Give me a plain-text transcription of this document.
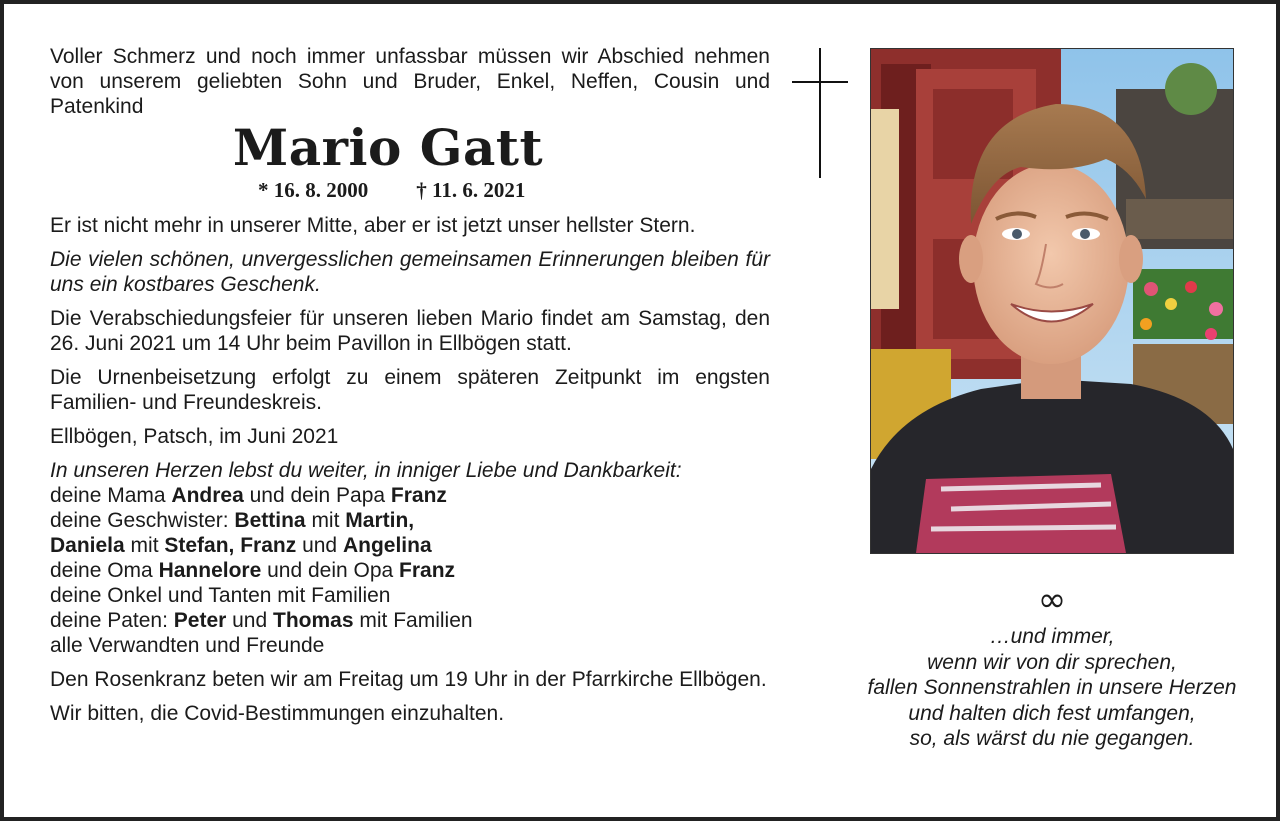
Voller Schmerz und noch immer unfassbar müssen wir Abschied nehmen von unserem geliebten Sohn und Bruder, Enkel, Neffen, Cousin und Patenkind

Mario Gatt
* 16. 8. 2000 † 11. 6. 2021

Er ist nicht mehr in unserer Mitte, aber er ist jetzt unser hellster Stern.

Die vielen schönen, unvergesslichen gemeinsamen Erinnerungen bleiben für uns ein kostbares Geschenk.

Die Verabschiedungsfeier für unseren lieben Mario findet am Samstag, den 26. Juni 2021 um 14 Uhr beim Pavillon in Ellbögen statt.

Die Urnenbeisetzung erfolgt zu einem späteren Zeitpunkt im engsten Familien- und Freundeskreis.

Ellbögen, Patsch, im Juni 2021

In unseren Herzen lebst du weiter, in inniger Liebe und Dankbarkeit:

deine Mama Andrea und dein Papa Franz
deine Geschwister: Bettina mit Martin,
Daniela mit Stefan, Franz und Angelina
deine Oma Hannelore und dein Opa Franz
deine Onkel und Tanten mit Familien
deine Paten: Peter und Thomas mit Familien
alle Verwandten und Freunde

Den Rosenkranz beten wir am Freitag um 19 Uhr in der Pfarrkirche Ellbögen.

Wir bitten, die Covid-Bestimmungen einzuhalten.

∞

…und immer,

wenn wir von dir sprechen,

fallen Sonnenstrahlen in unsere Herzen

und halten dich fest umfangen,

so, als wärst du nie gegangen.
